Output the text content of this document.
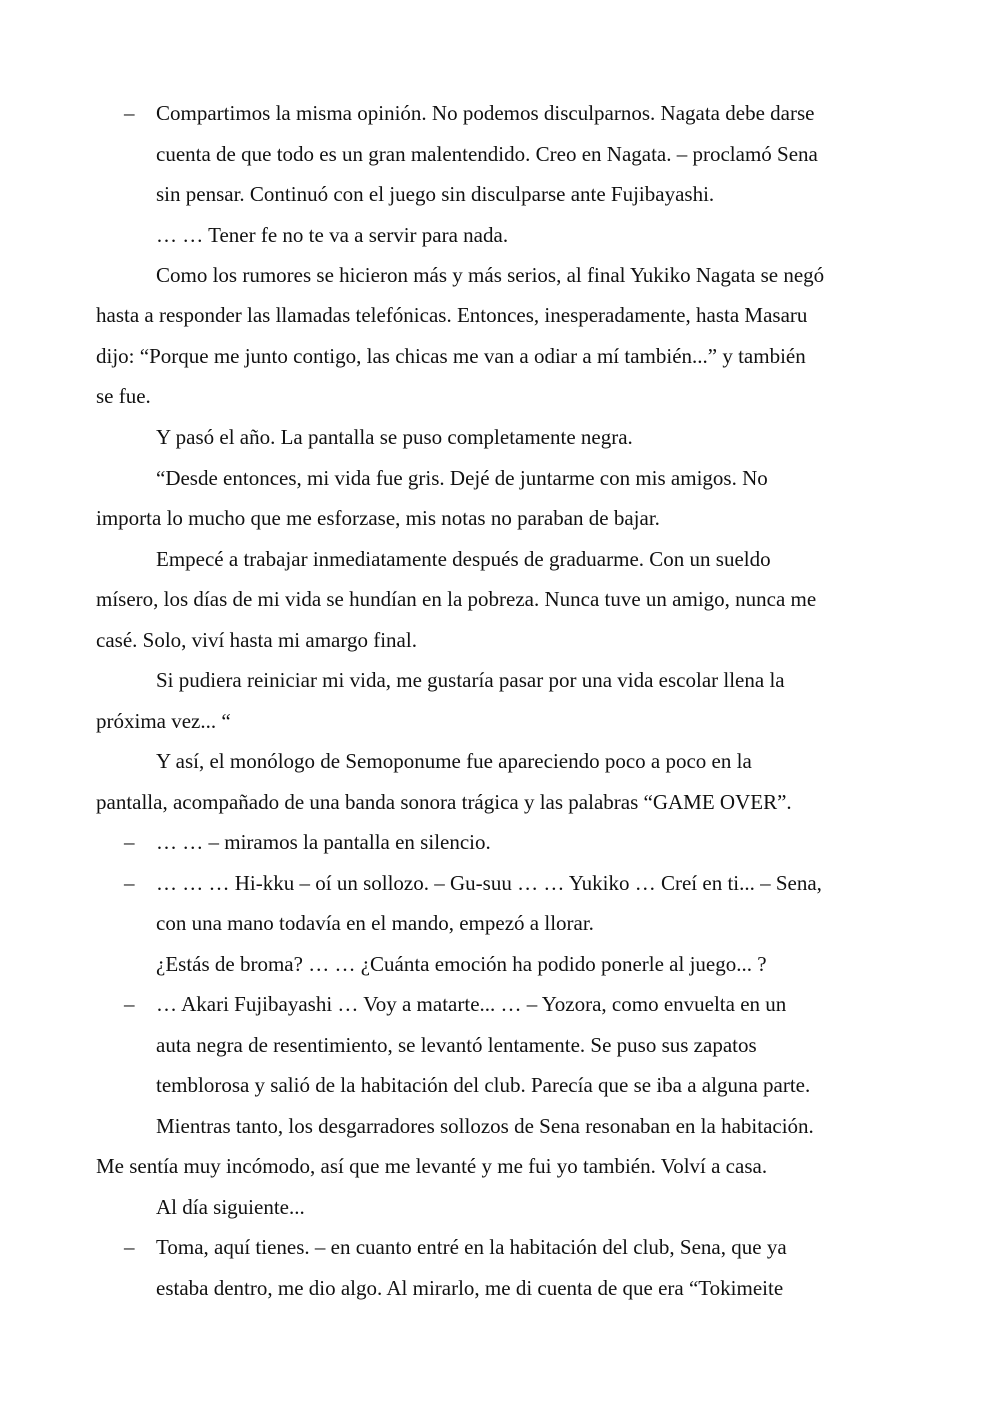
– Compartimos la misma opinión. No podemos disculparnos. Nagata debe darse
cuenta de que todo es un gran malentendido. Creo en Nagata. – proclamó Sena
sin pensar. Continuó con el juego sin disculparse ante Fujibayashi.
… … Tener fe no te va a servir para nada.
Como los rumores se hicieron más y más serios, al final Yukiko Nagata se negó
hasta a responder las llamadas telefónicas. Entonces, inesperadamente, hasta Masaru
dijo: “Porque me junto contigo, las chicas me van a odiar a mí también...” y también
se fue.
Y pasó el año. La pantalla se puso completamente negra.
“Desde entonces, mi vida fue gris. Dejé de juntarme con mis amigos. No
importa lo mucho que me esforzase, mis notas no paraban de bajar.
Empecé a trabajar inmediatamente después de graduarme. Con un sueldo
mísero, los días de mi vida se hundían en la pobreza. Nunca tuve un amigo, nunca me
casé. Solo, viví hasta mi amargo final.
Si pudiera reiniciar mi vida, me gustaría pasar por una vida escolar llena la
próxima vez... “
Y así, el monólogo de Semoponume fue apareciendo poco a poco en la
pantalla, acompañado de una banda sonora trágica y las palabras “GAME OVER”.
– … … – miramos la pantalla en silencio.
– … … … Hi-kku – oí un sollozo. – Gu-suu … … Yukiko … Creí en ti... – Sena,
con una mano todavía en el mando, empezó a llorar.
¿Estás de broma? … … ¿Cuánta emoción ha podido ponerle al juego... ?
– … Akari Fujibayashi … Voy a matarte... … – Yozora, como envuelta en un
auta negra de resentimiento, se levantó lentamente. Se puso sus zapatos
temblorosa y salió de la habitación del club. Parecía que se iba a alguna parte.
Mientras tanto, los desgarradores sollozos de Sena resonaban en la habitación.
Me sentía muy incómodo, así que me levanté y me fui yo también. Volví a casa.
Al día siguiente...
– Toma, aquí tienes. – en cuanto entré en la habitación del club, Sena, que ya
estaba dentro, me dio algo. Al mirarlo, me di cuenta de que era “Tokimeite
